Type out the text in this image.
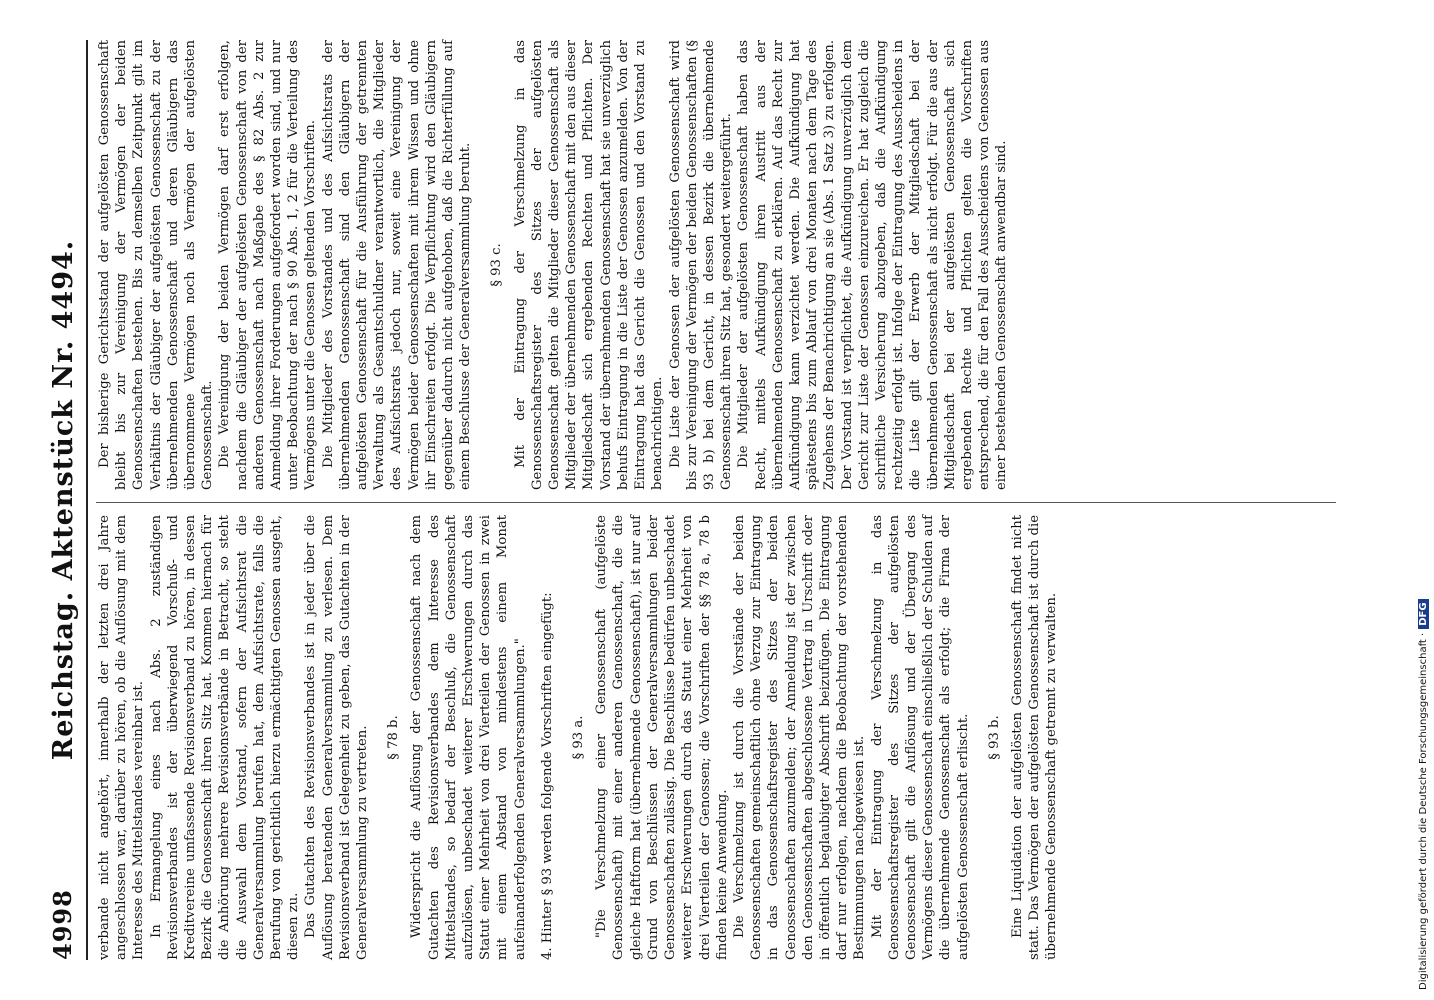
4998
Reichstag. Aktenstück Nr. 4494. verbande nicht angehört, innerhalb der letzten drei Jahre angeschlossen war, darüber zu hören, ob die Auflösung mit dem Interesse des Mittelstandes vereinbar ist. In Ermangelung eines nach Abs. 2 zuständigen Revisionsverbandes ist der überwiegend Vorschuß- und Kreditvereine umfassende Revisionsverband zu hören, in dessen Bezirk die Genossenschaft ihren Sitz hat. Kommen hiernach für die Anhörung mehrere Revisionsverbände in Betracht, so steht die Auswahl dem Vorstand, sofern der Aufsichtsrat die Generalversammlung berufen hat, dem Aufsichtsrate, falls die Berufung von gerichtlich hierzu ermächtigten Genossen ausgeht, diesen zu. Das Gutachten des Revisionsverbandes ist in jeder über die Auflösung beratenden Generalversammlung zu verlesen. Dem Revisionsverband ist Gelegenheit zu geben, das Gutachten in der Generalversammlung zu vertreten. § 78 b. Widerspricht die Auflösung der Genossenschaft nach dem Gutachten des Revisionsverbandes dem Interesse des Mittelstandes, so bedarf der Beschluß, die Genossenschaft aufzulösen, unbeschadet weiterer Erschwerungen durch das Statut einer Mehrheit von drei Vierteilen der Genossen in zwei mit einem Abstand von mindestens einem Monat aufeinanderfolgenden Generalversammlungen." 4. Hinter § 93 werden folgende Vorschriften eingefügt: § 93 a. "Die Verschmelzung einer Genossenschaft (aufgelöste Genossenschaft) mit einer anderen Genossenschaft, die die gleiche Haftform hat (übernehmende Genossenschaft), ist nur auf Grund von Beschlüssen der Generalversammlungen beider Genossenschaften zulässig. Die Beschlüsse bedürfen unbeschadet weiterer Erschwerungen durch das Statut einer Mehrheit von drei Vierteilen der Genossen; die Vorschriften der §§ 78 a, 78 b finden keine Anwendung. Die Verschmelzung ist durch die Vorstände der beiden Genossenschaften gemeinschaftlich ohne Verzug zur Eintragung in das Genossenschaftsregister des Sitzes der beiden Genossenschaften anzumelden; der Anmeldung ist der zwischen den Genossenschaften abgeschlossene Vertrag in Urschrift oder in öffentlich beglaubigter Abschrift beizufügen. Die Eintragung darf nur erfolgen, nachdem die Beobachtung der vorstehenden Bestimmungen nachgewiesen ist. Mit der Eintragung der Verschmelzung in das Genossenschaftsregister des Sitzes der aufgelösten Genossenschaft gilt die Auflösung und der Übergang des Vermögens dieser Genossenschaft einschließlich der Schulden auf die übernehmende Genossenschaft als erfolgt; die Firma der aufgelösten Genossenschaft erlischt. § 93 b. Eine Liquidation der aufgelösten Genossenschaft findet nicht statt. Das Vermögen der aufgelösten Genossenschaft ist durch die übernehmende Genossenschaft getrennt zu verwalten.

Der bisherige Gerichtsstand der aufgelösten Genossenschaft bleibt bis zur Vereinigung der Vermögen der beiden Genossenschaften bestehen. Bis zu demselben Zeitpunkt gilt im Verhältnis der Gläubiger der aufgelösten Genossenschaft zu der übernehmenden Genossenschaft und deren Gläubigern das übernommene Vermögen noch als Vermögen der aufgelösten Genossenschaft. Die Vereinigung der beiden Vermögen darf erst erfolgen, nachdem die Gläubiger der aufgelösten Genossenschaft von der anderen Genossenschaft nach Maßgabe des § 82 Abs. 2 zur Anmeldung ihrer Forderungen aufgefordert worden sind, und nur unter Beobachtung der nach § 90 Abs. 1, 2 für die Verteilung des Vermögens unter die Genossen geltenden Vorschriften. Die Mitglieder des Vorstandes und des Aufsichtsrats der übernehmenden Genossenschaft sind den Gläubigern der aufgelösten Genossenschaft für die Ausführung der getrennten Verwaltung als Gesamtschuldner verantwortlich, die Mitglieder des Aufsichtsrats jedoch nur, soweit eine Vereinigung der Vermögen beider Genossenschaften mit ihrem Wissen und ohne ihr Einschreiten erfolgt. Die Verpflichtung wird den Gläubigern gegenüber dadurch nicht aufgehoben, daß die Richterfüllung auf einem Beschlusse der Generalversammlung beruht. § 93 c. Mit der Eintragung der Verschmelzung in das Genossenschaftsregister des Sitzes der aufgelösten Genossenschaft gelten die Mitglieder dieser Genossenschaft als Mitglieder der übernehmenden Genossenschaft mit den aus dieser Mitgliedschaft sich ergebenden Rechten und Pflichten. Der Vorstand der übernehmenden Genossenschaft hat sie unverzüglich behufs Eintragung in die Liste der Genossen anzumelden. Von der Eintragung hat das Gericht die Genossen und den Vorstand zu benachrichtigen. Die Liste der Genossen der aufgelösten Genossenschaft wird bis zur Vereinigung der Vermögen der beiden Genossenschaften (§ 93 b) bei dem Gericht, in dessen Bezirk die übernehmende Genossenschaft ihren Sitz hat, gesondert weitergeführt. Die Mitglieder der aufgelösten Genossenschaft haben das Recht, mittels Aufkündigung ihren Austritt aus der übernehmenden Genossenschaft zu erklären. Auf das Recht zur Aufkündigung kann verzichtet werden. Die Aufkündigung hat spätestens bis zum Ablauf von drei Monaten nach dem Tage des Zugehens der Benachrichtigung an sie (Abs. 1 Satz 3) zu erfolgen. Der Vorstand ist verpflichtet, die Aufkündigung unverzüglich dem Gericht zur Liste der Genossen einzureichen. Er hat zugleich die schriftliche Versicherung abzugeben, daß die Aufkündigung rechtzeitig erfolgt ist. Infolge der Eintragung des Ausscheidens in die Liste gilt der Erwerb der Mitgliedschaft bei der übernehmenden Genossenschaft als nicht erfolgt. Für die aus der Mitgliedschaft bei der aufgelösten Genossenschaft sich ergebenden Rechte und Pflichten gelten die Vorschriften entsprechend, die für den Fall des Ausscheidens von Genossen aus einer bestehenden Genossenschaft anwendbar sind.

Digitalisierung gefördert durch die Deutsche Forschungsgemeinschaft ·DFG
